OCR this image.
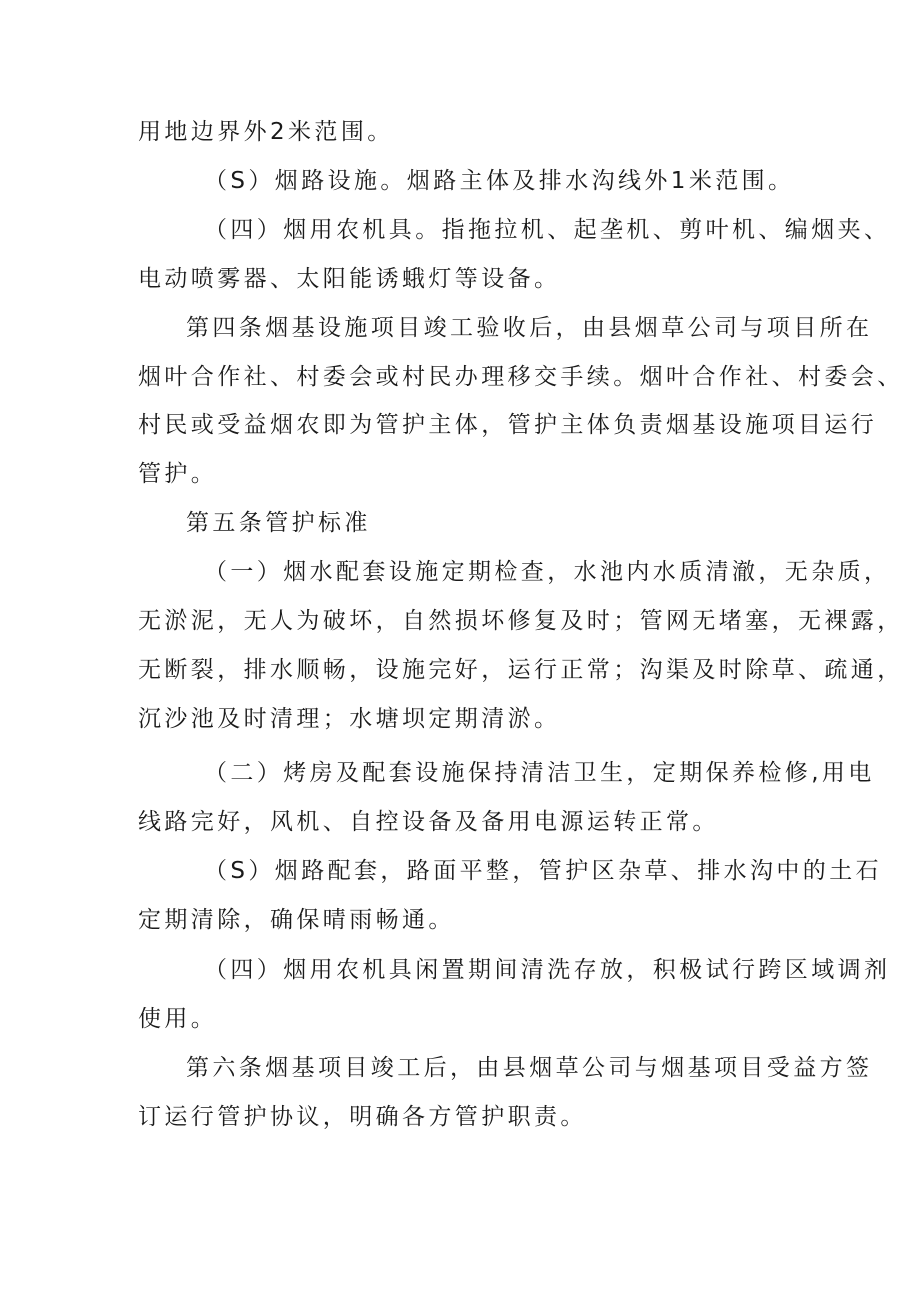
用地边界外2米范围。
（S）烟路设施。烟路主体及排水沟线外1米范围。
（四）烟用农机具。指拖拉机、起垄机、剪叶机、编烟夹、
电动喷雾器、太阳能诱蛾灯等设备。
第四条烟基设施项目竣工验收后，由县烟草公司与项目所在
烟叶合作社、村委会或村民办理移交手续。烟叶合作社、村委会、
村民或受益烟农即为管护主体，管护主体负责烟基设施项目运行
管护。
第五条管护标准
（一）烟水配套设施定期检查，水池内水质清澈，无杂质，
无淤泥，无人为破坏，自然损坏修复及时；管网无堵塞，无裸露，
无断裂，排水顺畅，设施完好，运行正常；沟渠及时除草、疏通，
沉沙池及时清理；水塘坝定期清淤。
（二）烤房及配套设施保持清洁卫生，定期保养检修,用电
线路完好，风机、自控设备及备用电源运转正常。
（S）烟路配套，路面平整，管护区杂草、排水沟中的土石
定期清除，确保晴雨畅通。
（四）烟用农机具闲置期间清洗存放，积极试行跨区域调剂
使用。
第六条烟基项目竣工后，由县烟草公司与烟基项目受益方签
订运行管护协议，明确各方管护职责。
